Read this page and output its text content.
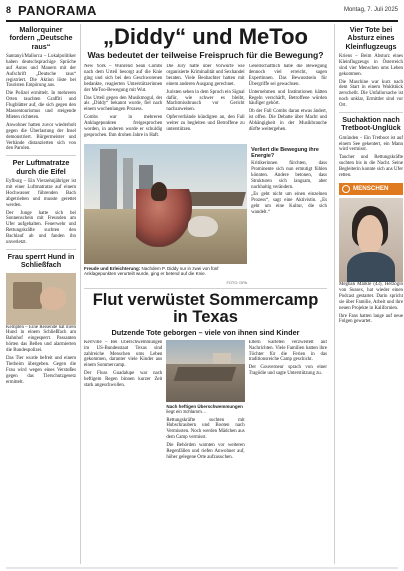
8 PANORAMA	Montag, 7. Juli 2025
Mallorquiner fordern „Deutsche raus“
Santanyí/Mallorca – Lokalpolitiker haben deutschsprachige Sprüche auf Autos und Mauern mit der Aufschrift „Deutsche raus“ registriert. Die Aktion löste bei Touristen Empörung aus.
Die Polizei ermittelt. In mehreren Orten tauchten Graffiti und Flugblätter auf, die sich gegen den Massentourismus und steigende Mieten richteten.
Anwohner hatten zuvor wiederholt gegen die Überlastung der Insel demonstriert. Bürgermeister und Verbände distanzierten sich von den Parolen.
Per Luftmatratze durch die Eifel
Eyfburg – Ein Vierzehnjähriger ist mit einer Luftmatratze auf einem Hochwasser führenden Bach abgetrieben und musste gerettet werden.
Der Junge hatte sich bei Sonnenschein mit Freunden am Ufer aufgehalten. Feuerwehr und Rettungskräfte suchten den Bachlauf ab und fanden ihn unverletzt.
Frau sperrt Hund in Schließfach
Kempten – Eine Reisende hat ihren Hund in einem Schließfach am Bahnhof eingesperrt. Passanten hörten das Bellen und alarmierten die Bundespolizei.
Das Tier wurde befreit und einem Tierheim übergeben. Gegen die Frau wird wegen eines Verstoßes gegen das Tierschutzgesetz ermittelt.
„Diddy“ und MeToo
Was bedeutet der teilweise Freispruch für die Bewegung?
New York – Während Sean Combs nach dem Urteil besorgt auf die Knie ging und sich bei den Geschworenen bedankte, reagierten Unterstützerinnen der MeToo-Bewegung mit Wut.
Das Urteil gegen den Musikmogul, der als „Diddy“ bekannt wurde, fiel nach einem wochenlangen Prozess.
Combs war in mehreren Anklagepunkten freigesprochen worden, in anderen wurde er schuldig gesprochen. Ihm drohen Jahre in Haft.
Die Jury hatte über Vorwürfe wie organisierte Kriminalität und Sexhandel beraten. Viele Beobachter hatten mit einem anderen Ausgang gerechnet.
Juristen sehen in dem Spruch ein Signal dafür, wie schwer es bleibt, Machtmissbrauch vor Gericht nachzuweisen.
Opferverbände kündigten an, den Fall weiter zu begleiten und Betroffene zu unterstützen.
Gesellschaftlich habe die Bewegung dennoch viel erreicht, sagen Expertinnen. Das Bewusstsein für Übergriffe sei gewachsen.
Unternehmen und Institutionen hätten Regeln verschärft, Betroffene würden häufiger gehört.
Ob der Fall Combs daran etwas ändert, ist offen. Die Debatte über Macht und Abhängigkeit in der Musikbranche dürfte weitergehen.
Freude und Erleichterung: Nachdem P. Diddy nur in zwei von fünf Anklagepunkten verurteilt wurde, ging er betend auf die Knie.
FOTO: DPA
Verliert die Bewegung ihre Energie?
Kritikerinnen fürchten, dass Prominente sich nun ermutigt fühlen könnten. Andere betonen, dass Strukturen sich langsam, aber nachhaltig verändern.
„Es geht nicht um einen einzelnen Prozess“, sagt eine Aktivistin. „Es geht um eine Kultur, die sich wandelt.“
Flut verwüstet Sommercamp in Texas
Dutzende Tote geborgen – viele von ihnen sind Kinder
Kerrville – Bei Überschwemmungen im US-Bundesstaat Texas sind zahlreiche Menschen ums Leben gekommen, darunter viele Kinder aus einem Sommercamp.
Der Fluss Guadalupe war nach heftigem Regen binnen kurzer Zeit stark angeschwollen.
Nach heftigen Überschwemmungen liegt ein Schlamm…
Rettungskräfte suchten mit Hubschraubern und Booten nach Vermissten. Noch werden Mädchen aus dem Camp vermisst.
Die Behörden warnten vor weiteren Regenfällen und riefen Anwohner auf, höher gelegene Orte aufzusuchen.
Eltern warteten verzweifelt auf Nachrichten. Viele Familien hatten ihre Töchter für die Ferien in das traditionsreiche Camp geschickt.
Der Gouverneur sprach von einer Tragödie und sagte Unterstützung zu.
Vier Tote bei Absturz eines Kleinflugzeugs
Kriens – Beim Absturz eines Kleinflugzeugs in Österreich sind vier Menschen ums Leben gekommen.
Die Maschine war kurz nach dem Start in einem Waldstück zerschellt. Die Unfallursache ist noch unklar, Ermittler sind vor Ort.
Suchaktion nach Tretboot-Unglück
Gmünden – Ein Tretboot ist auf einem See gekentert, ein Mann wird vermisst.
Taucher und Rettungskräfte suchten bis in die Nacht. Seine Begleiterin konnte sich ans Ufer retten.
MENSCHEN
Meghan Markle (43), Herzogin von Sussex, hat wieder einen Podcast gestartet. Darin spricht sie über Familie, Arbeit und ihre neuen Projekte in Kalifornien.
Ihre Fans hatten lange auf neue Folgen gewartet.
